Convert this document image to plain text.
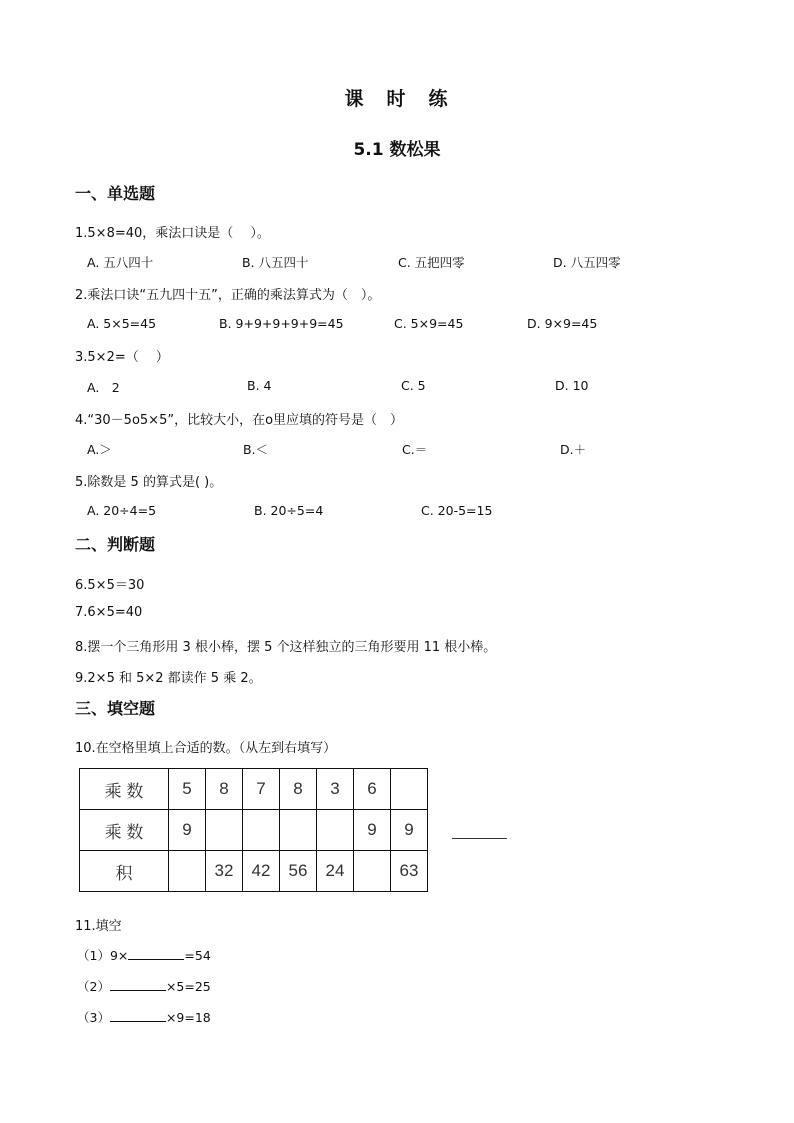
课　时　练
5.1 数松果
一、单选题
1.5×8=40，乘法口诀是（　 ）。
A. 五八四十	B. 八五四十	C. 五把四零	D. 八五四零
2.乘法口诀“五九四十五”，正确的乘法算式为（　）。
A. 5×5=45	B. 9+9+9+9+9=45	C. 5×9=45	D. 9×9=45
3.5×2=（　 ）
A.　2	B. 4	C. 5	D. 10
4.“30－5o5×5”，比较大小，在o里应填的符号是（　）
A.＞	B.＜	C.＝	D.＋
5.除数是 5 的算式是( )。
A. 20÷4=5	B. 20÷5=4	C. 20-5=15
二、判断题
6.5×5＝30
7.6×5=40
8.摆一个三角形用 3 根小棒，摆 5 个这样独立的三角形要用 11 根小棒。
9.2×5 和 5×2 都读作 5 乘 2。
三、填空题
10.在空格里填上合适的数。（从左到右填写）
乘 数	5	8	7	8	3	6	
乘 数	9					9	9
积		32	42	56	24		63
11.填空
（1）9×	=54
（2）	×5=25
（3）	×9=18
